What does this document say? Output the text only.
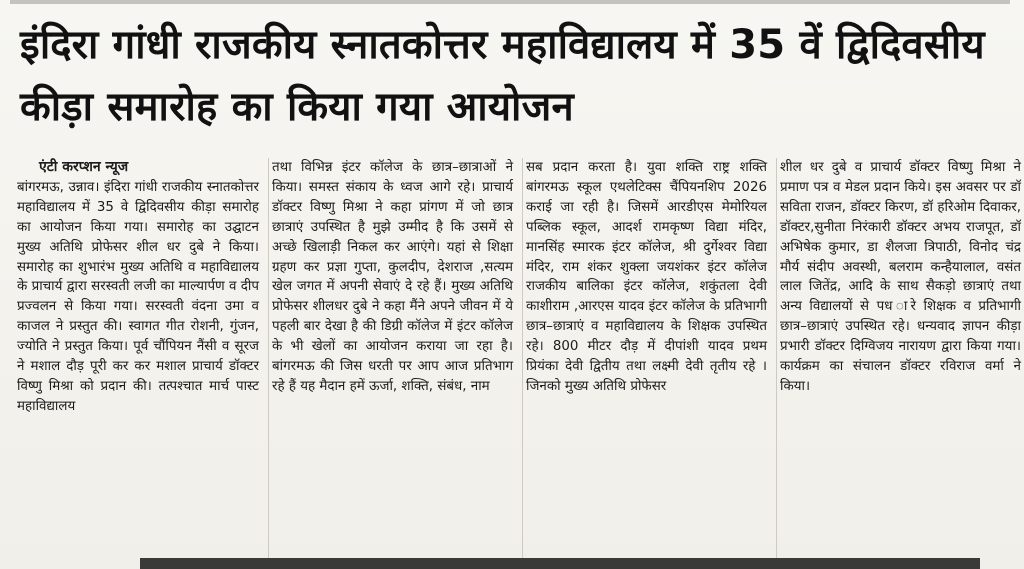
इंदिरा गांधी राजकीय स्नातकोत्तर महाविद्यालय में 35 वें द्विदिवसीय कीड़ा समारोह का किया गया आयोजन
एंटी करप्शन न्यूज
बांगरमऊ, उन्नाव। इंदिरा गांधी राजकीय स्नातकोत्तर महाविद्यालय में 35 वे द्विदिवसीय कीड़ा समारोह का आयोजन किया गया। समारोह का उद्घाटन मुख्य अतिथि प्रोफेसर शील धर दुबे ने किया। समारोह का शुभारंभ मुख्य अतिथि व महाविद्यालय के प्राचार्य द्वारा सरस्वती लजी का माल्यार्पण व दीप प्रज्वलन से किया गया। सरस्वती वंदना उमा व काजल ने प्रस्तुत की। स्वागत गीत रोशनी, गुंजन, ज्योति ने प्रस्तुत किया। पूर्व चौंपियन नैंसी व सूरज ने मशाल दौड़ पूरी कर कर मशाल प्राचार्य डॉक्टर विष्णु मिश्रा को प्रदान की। तत्पश्चात मार्च पास्ट महाविद्यालय
तथा विभिन्न इंटर कॉलेज के छात्र–छात्राओं ने किया। समस्त संकाय के ध्वज आगे रहे। प्राचार्य डॉक्टर विष्णु मिश्रा ने कहा प्रांगण में जो छात्र छात्राएं उपस्थित है मुझे उम्मीद है कि उसमें से अच्छे खिलाड़ी निकल कर आएंगे। यहां से शिक्षा ग्रहण कर प्रज्ञा गुप्ता, कुलदीप, देशराज ,सत्यम खेल जगत में अपनी सेवाएं दे रहे हैं। मुख्य अतिथि प्रोफेसर शीलधर दुबे ने कहा मैंने अपने जीवन में ये पहली बार देखा है की डिग्री कॉलेज में इंटर कॉलेज के भी खेलों का आयोजन कराया जा रहा है। बांगरमऊ की जिस धरती पर आप आज प्रतिभाग रहे हैं यह मैदान हमें ऊर्जा, शक्ति, संबंध, नाम
सब प्रदान करता है। युवा शक्ति राष्ट्र शक्ति बांगरमऊ स्कूल एथलेटिक्स चैंपियनशिप 2026 कराई जा रही है। जिसमें आरडीएस मेमोरियल पब्लिक स्कूल, आदर्श रामकृष्ण विद्या मंदिर, मानसिंह स्मारक इंटर कॉलेज, श्री दुर्गेश्वर विद्या मंदिर, राम शंकर शुक्ला जयशंकर इंटर कॉलेज राजकीय बालिका इंटर कॉलेज, शकुंतला देवी काशीराम ,आरएस यादव इंटर कॉलेज के प्रतिभागी छात्र–छात्राएं व महाविद्यालय के शिक्षक उपस्थित रहे। 800 मीटर दौड़ में दीपांशी यादव प्रथम प्रियंका देवी द्वितीय तथा लक्ष्मी देवी तृतीय रहे । जिनको मुख्य अतिथि प्रोफेसर
शील धर दुबे व प्राचार्य डॉक्टर विष्णु मिश्रा ने प्रमाण पत्र व मेडल प्रदान किये। इस अवसर पर डॉ सविता राजन, डॉक्टर किरण, डॉ हरिओम दिवाकर, डॉक्टर,सुनीता निरंकारी डॉक्टर अभय राजपूत, डॉ अभिषेक कुमार, डा शैलजा त्रिपाठी, विनोद चंद्र मौर्य संदीप अवस्थी, बलराम कन्हैयालाल, वसंत लाल जितेंद्र, आदि के साथ सैकड़ो छात्राएं तथा अन्य विद्यालयों से पध ारे शिक्षक व प्रतिभागी छात्र–छात्राएं उपस्थित रहे। धन्यवाद ज्ञापन कीड़ा प्रभारी डॉक्टर दिग्विजय नारायण द्वारा किया गया। कार्यक्रम का संचालन डॉक्टर रविराज वर्मा ने किया।
